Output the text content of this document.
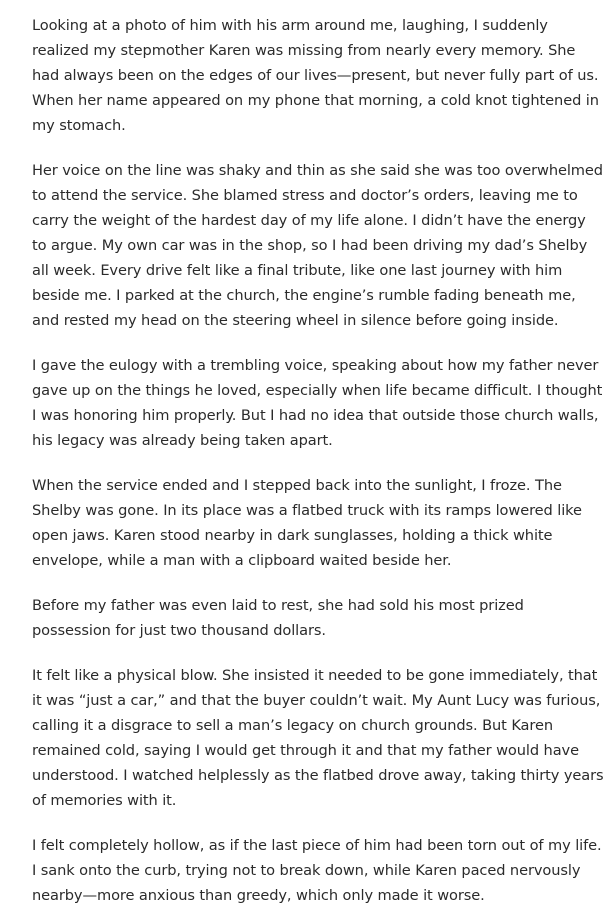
Looking at a photo of him with his arm around me, laughing, I suddenly realized my stepmother Karen was missing from nearly every memory. She had always been on the edges of our lives—present, but never fully part of us. When her name appeared on my phone that morning, a cold knot tightened in my stomach.

Her voice on the line was shaky and thin as she said she was too overwhelmed to attend the service. She blamed stress and doctor’s orders, leaving me to carry the weight of the hardest day of my life alone. I didn’t have the energy to argue. My own car was in the shop, so I had been driving my dad’s Shelby all week. Every drive felt like a final tribute, like one last journey with him beside me. I parked at the church, the engine’s rumble fading beneath me, and rested my head on the steering wheel in silence before going inside.

I gave the eulogy with a trembling voice, speaking about how my father never gave up on the things he loved, especially when life became difficult. I thought I was honoring him properly. But I had no idea that outside those church walls, his legacy was already being taken apart.

When the service ended and I stepped back into the sunlight, I froze. The Shelby was gone. In its place was a flatbed truck with its ramps lowered like open jaws. Karen stood nearby in dark sunglasses, holding a thick white envelope, while a man with a clipboard waited beside her.

Before my father was even laid to rest, she had sold his most prized possession for just two thousand dollars.

It felt like a physical blow. She insisted it needed to be gone immediately, that it was “just a car,” and that the buyer couldn’t wait. My Aunt Lucy was furious, calling it a disgrace to sell a man’s legacy on church grounds. But Karen remained cold, saying I would get through it and that my father would have understood. I watched helplessly as the flatbed drove away, taking thirty years of memories with it.

I felt completely hollow, as if the last piece of him had been torn out of my life. I sank onto the curb, trying not to break down, while Karen paced nervously nearby—more anxious than greedy, which only made it worse.
